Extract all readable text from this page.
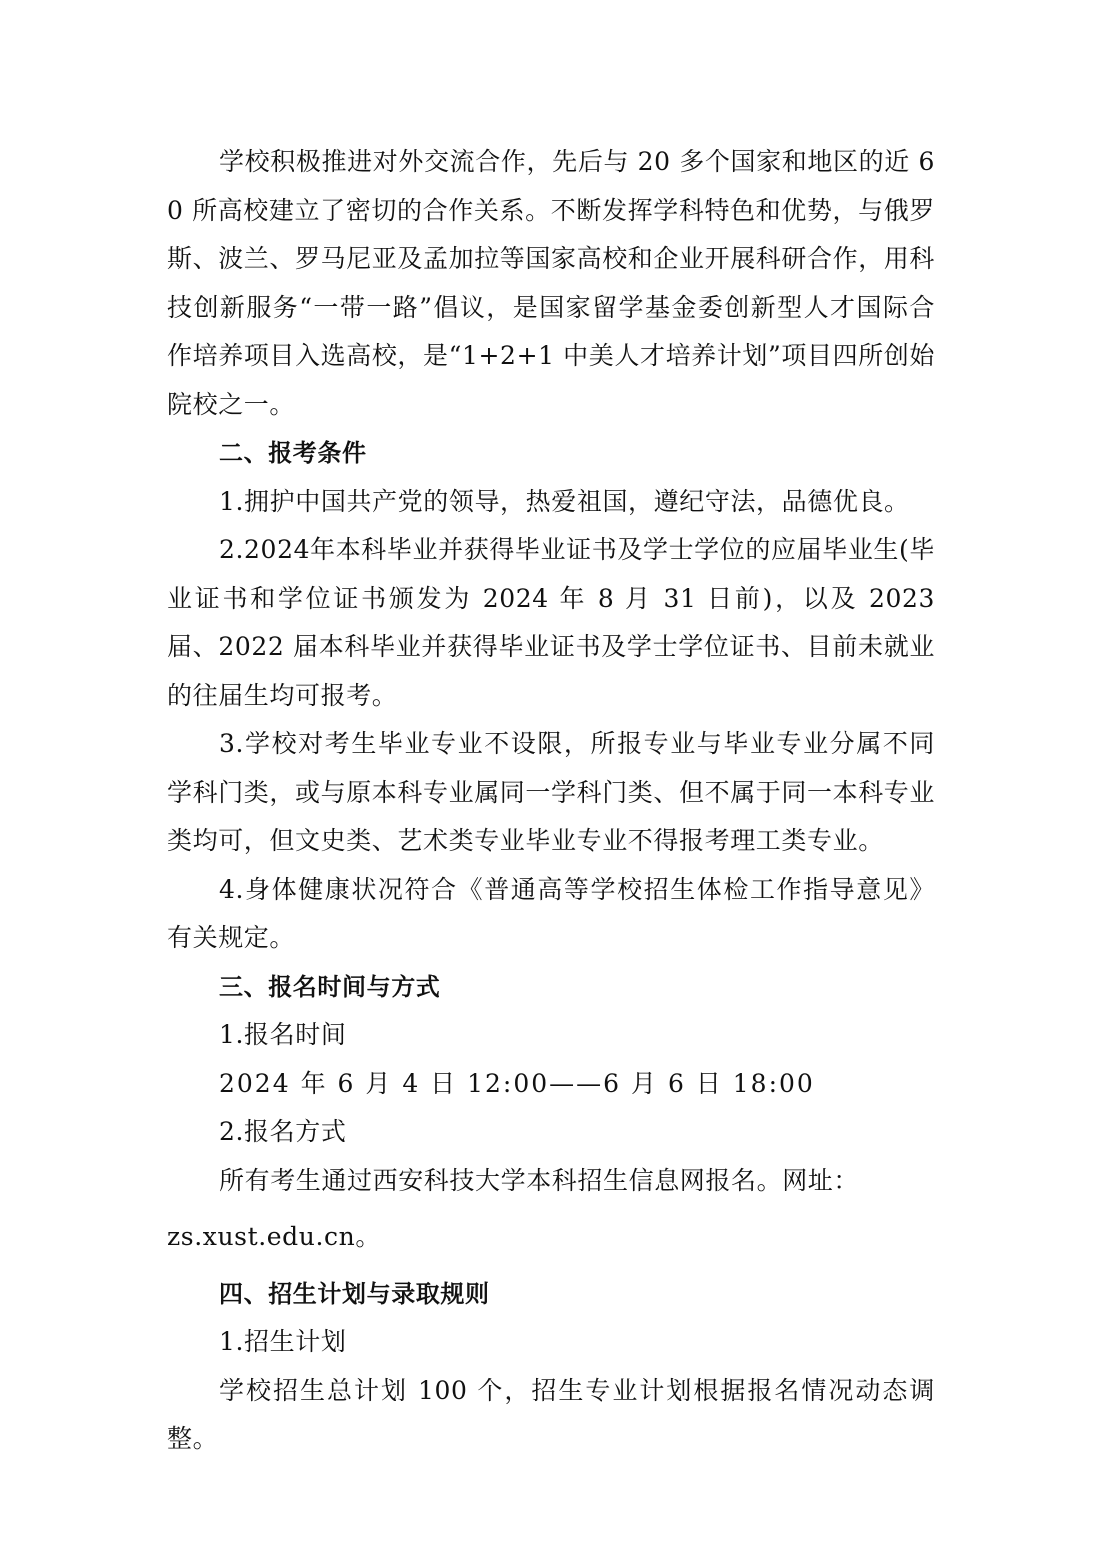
学校积极推进对外交流合作，先后与 20 多个国家和地区的近 60 所高校建立了密切的合作关系。不断发挥学科特色和优势，与俄罗斯、波兰、罗马尼亚及孟加拉等国家高校和企业开展科研合作，用科技创新服务“一带一路”倡议，是国家留学基金委创新型人才国际合作培养项目入选高校，是“1+2+1 中美人才培养计划”项目四所创始院校之一。

二、报考条件

1.拥护中国共产党的领导，热爱祖国，遵纪守法，品德优良。

2.2024年本科毕业并获得毕业证书及学士学位的应届毕业生(毕业证书和学位证书颁发为 2024 年 8 月 31 日前)，以及 2023 届、2022 届本科毕业并获得毕业证书及学士学位证书、目前未就业的往届生均可报考。

3.学校对考生毕业专业不设限，所报专业与毕业专业分属不同学科门类，或与原本科专业属同一学科门类、但不属于同一本科专业类均可，但文史类、艺术类专业毕业专业不得报考理工类专业。

4.身体健康状况符合《普通高等学校招生体检工作指导意见》有关规定。

三、报名时间与方式

1.报名时间

2024 年 6 月 4 日 12:00——6 月 6 日 18:00

2.报名方式

所有考生通过西安科技大学本科招生信息网报名。网址：

zs.xust.edu.cn。

四、招生计划与录取规则

1.招生计划

学校招生总计划 100 个，招生专业计划根据报名情况动态调整。
